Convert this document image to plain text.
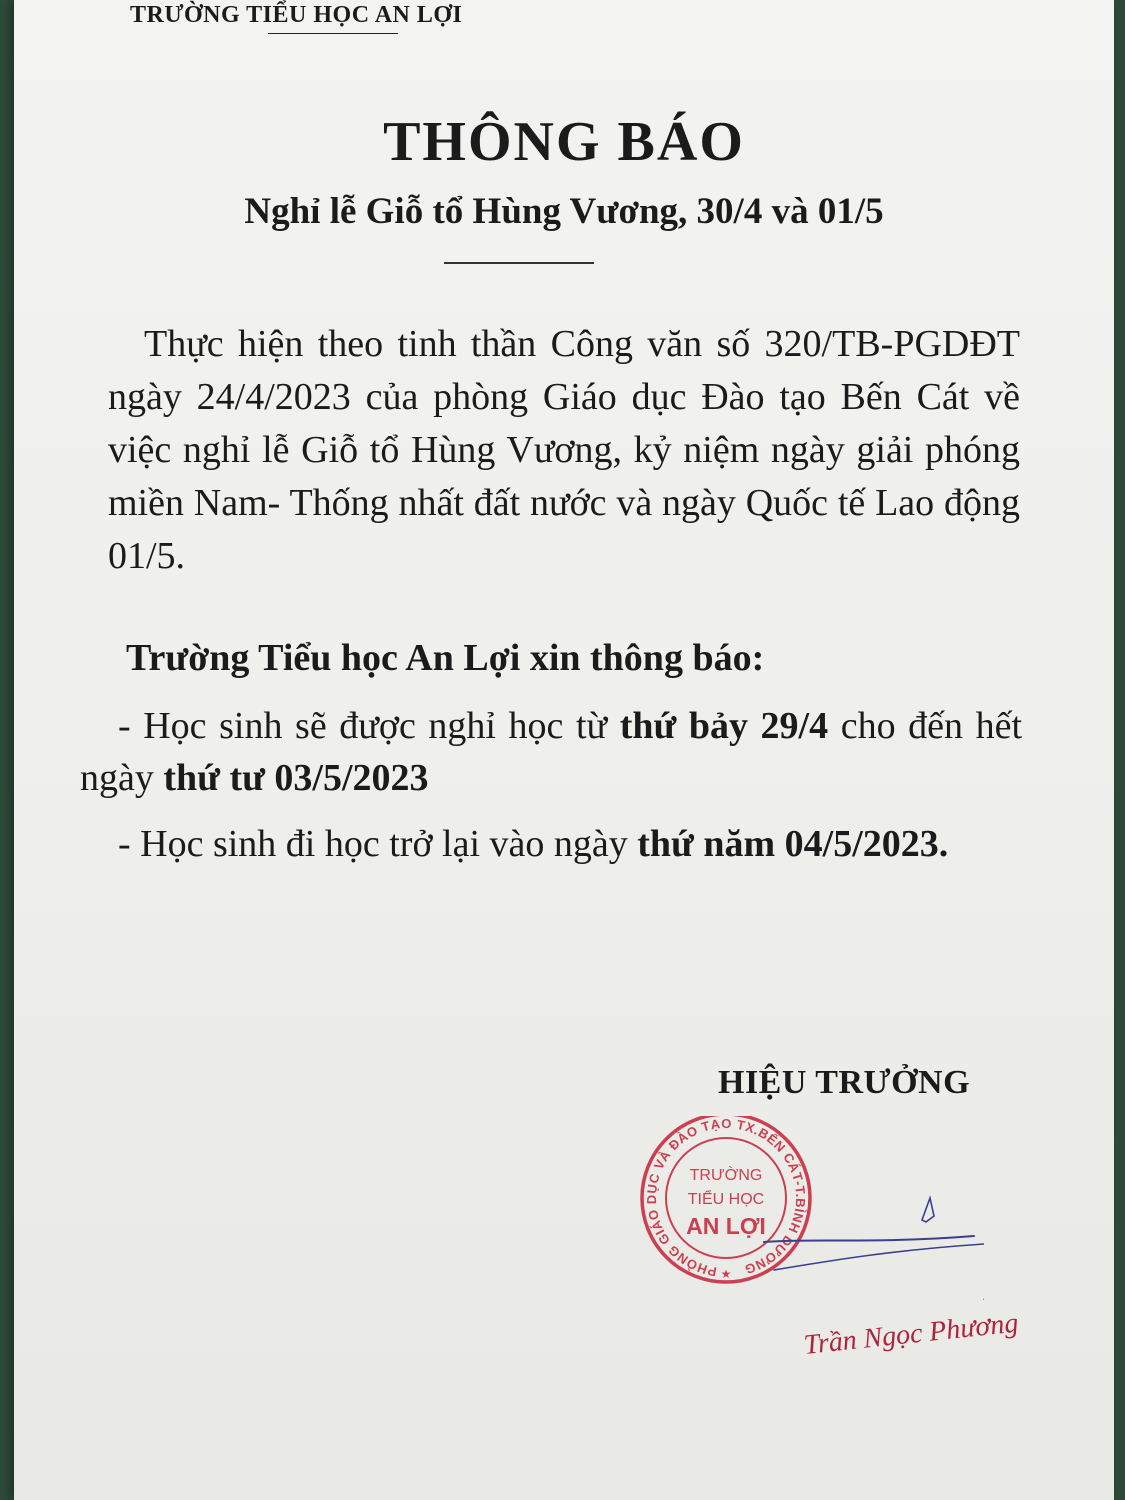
TRƯỜNG TIỂU HỌC AN LỢI

THÔNG BÁO
Nghỉ lễ Giỗ tổ Hùng Vương, 30/4 và 01/5

Thực hiện theo tinh thần Công văn số 320/TB-PGDĐT ngày 24/4/2023 của phòng Giáo dục Đào tạo Bến Cát về việc nghỉ lễ Giỗ tổ Hùng Vương, kỷ niệm ngày giải phóng miền Nam- Thống nhất đất nước và ngày Quốc tế Lao động 01/5.

Trường Tiểu học An Lợi xin thông báo:

- Học sinh sẽ được nghỉ học từ thứ bảy 29/4 cho đến hết ngày thứ tư 03/5/2023

- Học sinh đi học trở lại vào ngày thứ năm 04/5/2023.

HIỆU TRƯỞNG

PHÒNG GIÁO DỤC VÀ ĐÀO TẠO TX.BẾN CÁT-T.BÌNH DƯƠNG
TRƯỜNG
TIỂU HỌC
AN LỢI
★

Trần Ngọc Phương
